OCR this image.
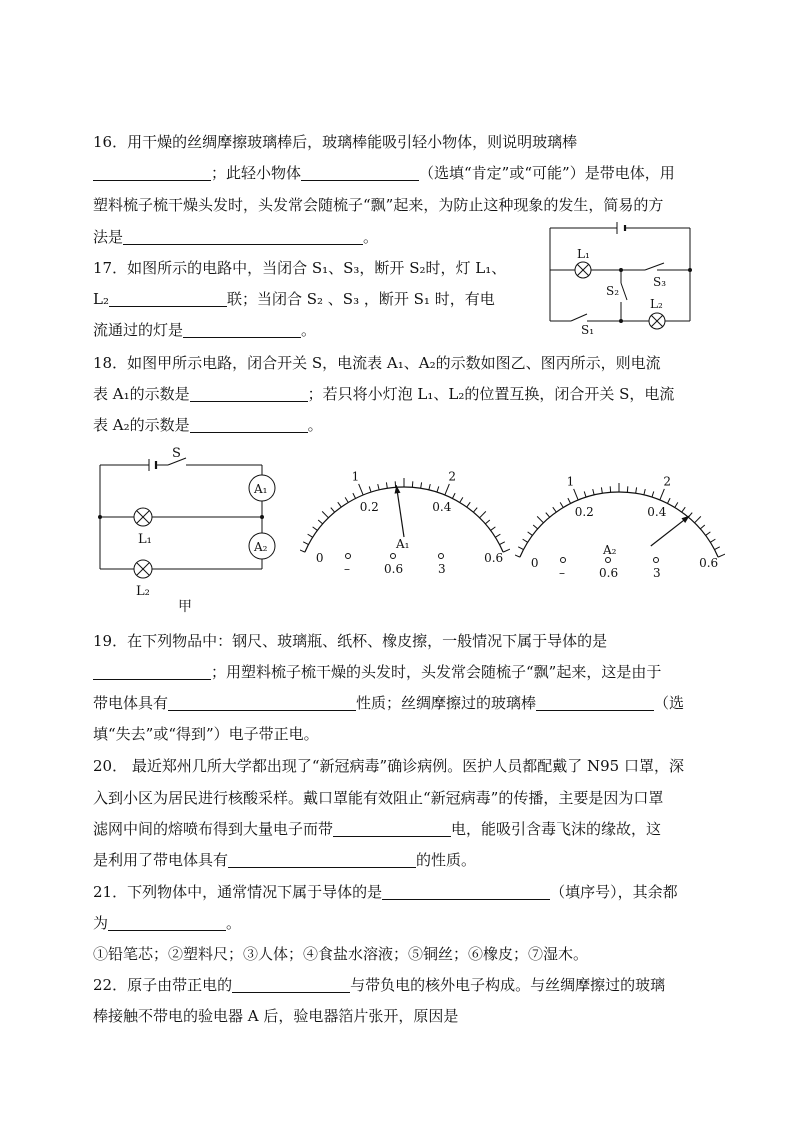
16．用干燥的丝绸摩擦玻璃棒后，玻璃棒能吸引轻小物体，则说明玻璃棒
；此轻小物体	（选填“肯定”或“可能”）是带电体，用
塑料梳子梳干燥头发时，头发常会随梳子“飘”起来，为防止这种现象的发生，简易的方
法是	。
17．如图所示的电路中，当闭合 S₁、S₃，断开 S₂时，灯 L₁、
L₂	联；当闭合 S₂ 、S₃ ，断开 S₁ 时，有电
流通过的灯是	。
L₁
L₂
S₁
S₂
S₃
18．如图甲所示电路，闭合开关 S，电流表 A₁、A₂的示数如图乙、图丙所示，则电流
表 A₁的示数是	；若只将小灯泡 L₁、L₂的位置互换，闭合开关 S，电流
表 A₂的示数是	。
S
A₁
A₂
L₁
L₂
甲
1	2
0
0.2	0.4
0.6
A₁
–	0.6	3
1	2
0
0.2	0.4
0.6
A₂
–	0.6	3
19．在下列物品中：钢尺、玻璃瓶、纸杯、橡皮擦，一般情况下属于导体的是
；用塑料梳子梳干燥的头发时，头发常会随梳子“飘”起来，这是由于
带电体具有	性质；丝绸摩擦过的玻璃棒	（选
填“失去”或“得到”）电子带正电。
20． 最近郑州几所大学都出现了“新冠病毒”确诊病例。医护人员都配戴了 N95 口罩，深
入到小区为居民进行核酸采样。戴口罩能有效阻止“新冠病毒”的传播，主要是因为口罩
滤网中间的熔喷布得到大量电子而带	电，能吸引含毒飞沫的缘故，这
是利用了带电体具有	的性质。
21．下列物体中，通常情况下属于导体的是	（填序号），其余都
为	。
①铅笔芯；②塑料尺；③人体；④食盐水溶液；⑤铜丝；⑥橡皮；⑦湿木。
22．原子由带正电的	与带负电的核外电子构成。与丝绸摩擦过的玻璃
棒接触不带电的验电器 A 后，验电器箔片张开，原因是
